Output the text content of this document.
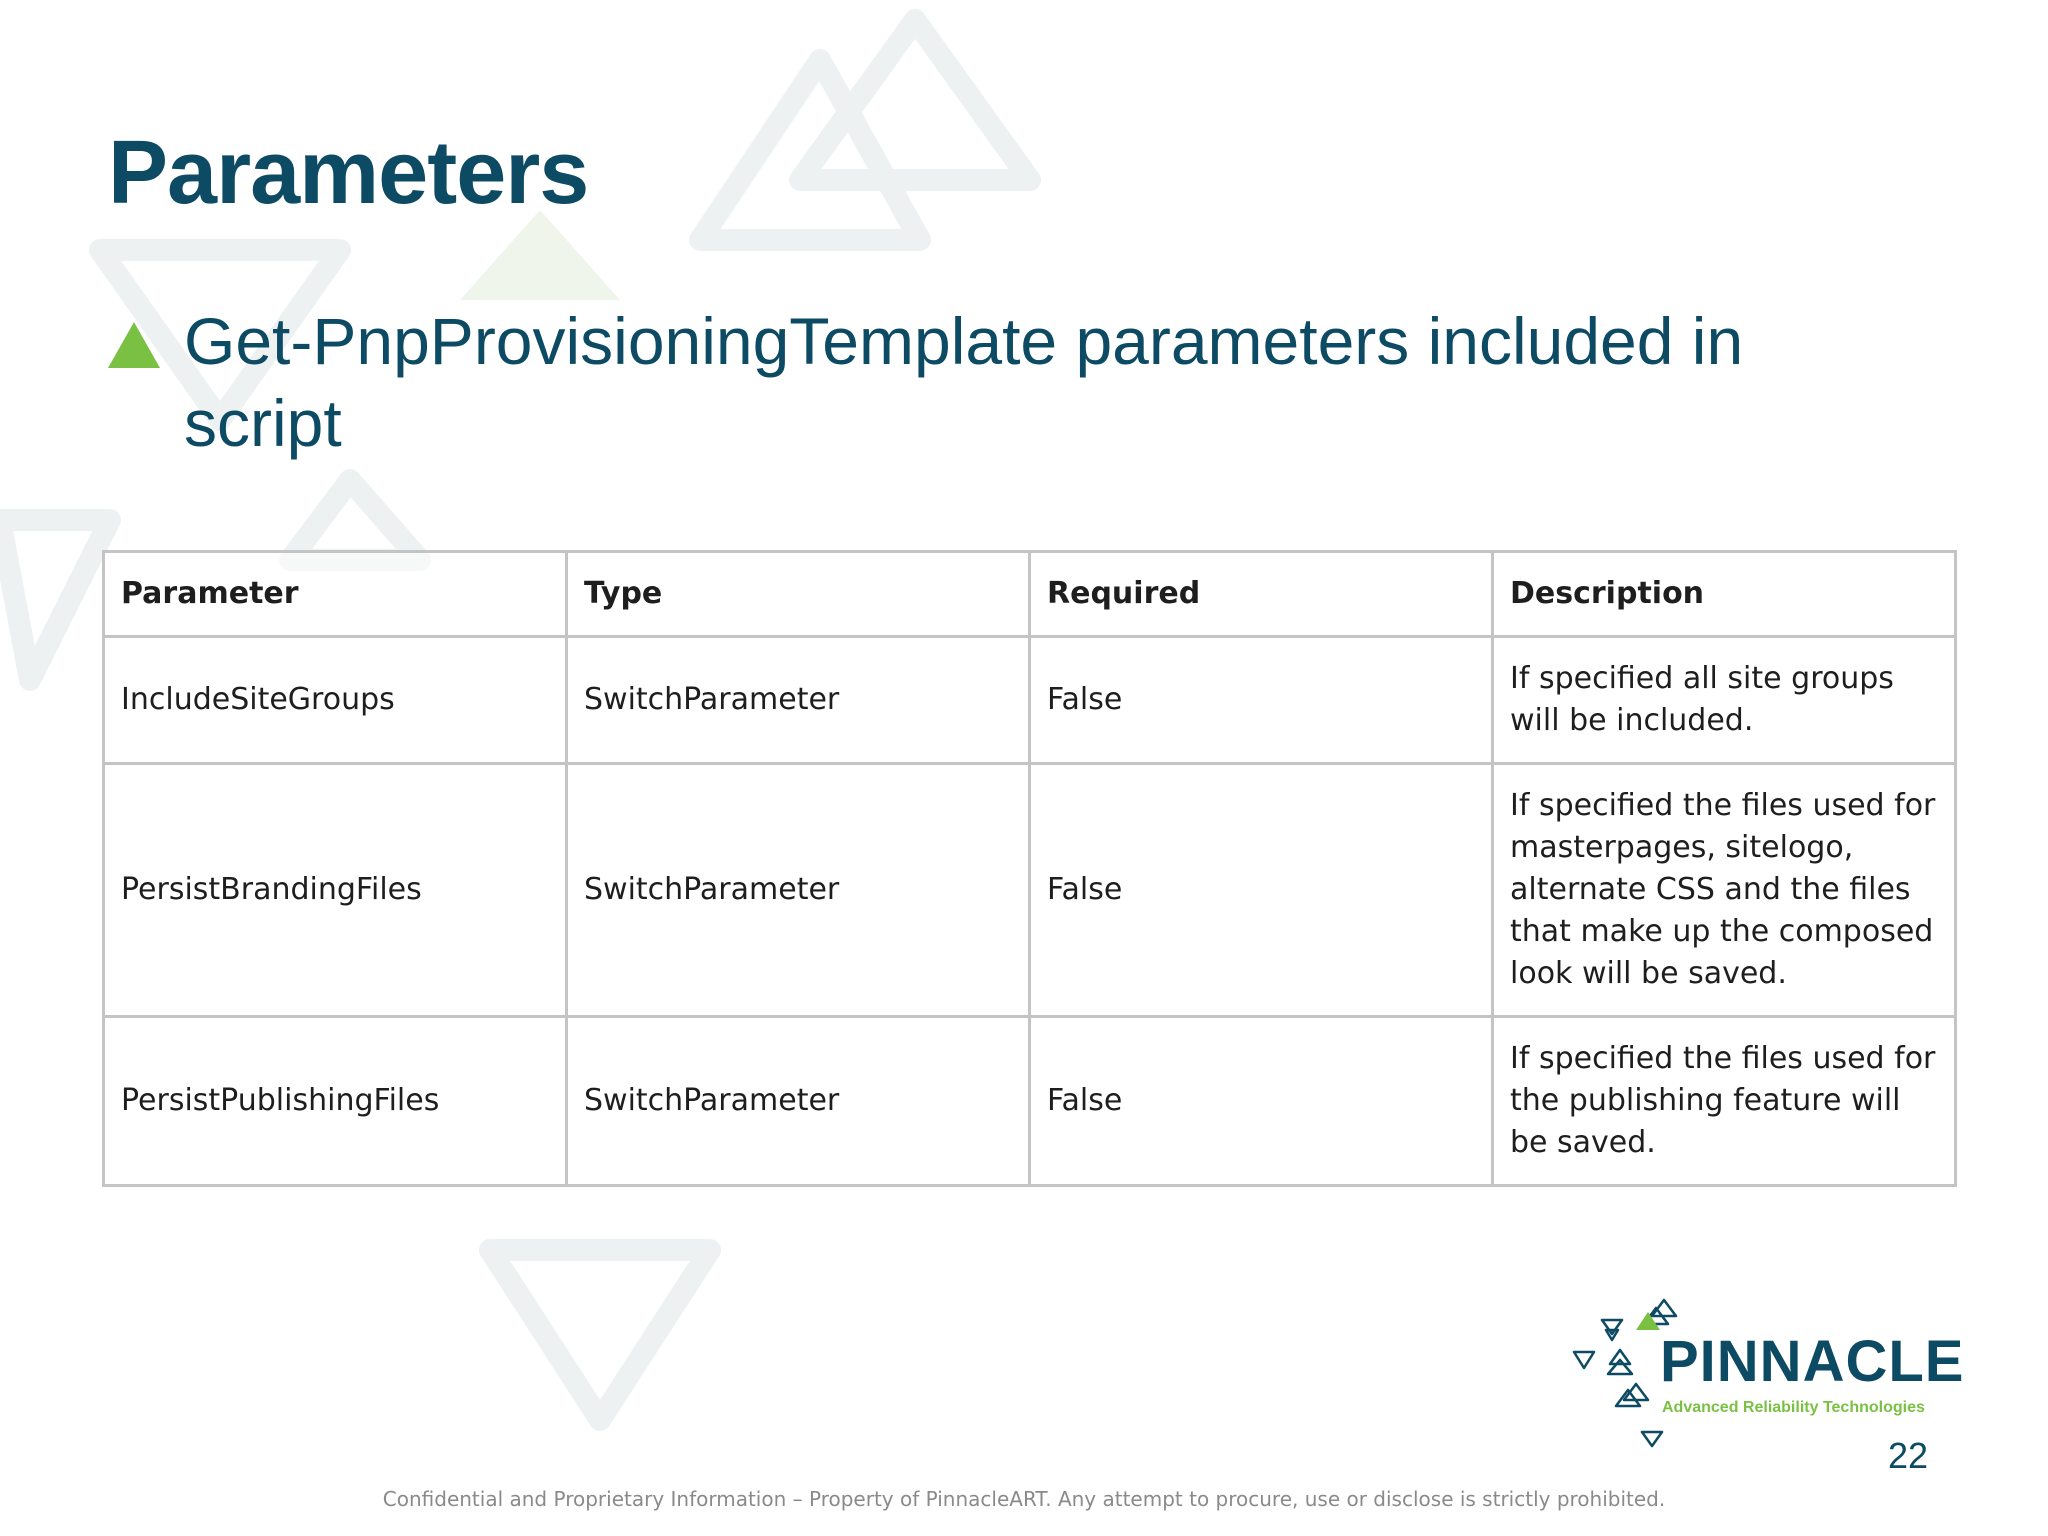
Parameters

Get-PnpProvisioningTemplate parameters included in script

Parameter	Type	Required	Description
IncludeSiteGroups	SwitchParameter	False	If specified all site groups will be included.
PersistBrandingFiles	SwitchParameter	False	If specified the files used for masterpages, sitelogo, alternate CSS and the files that make up the composed look will be saved.
PersistPublishingFiles	SwitchParameter	False	If specified the files used for the publishing feature will be saved.
PINNACLE
Advanced Reliability Technologies
22
Confidential and Proprietary Information – Property of PinnacleART. Any attempt to procure, use or disclose is strictly prohibited.
